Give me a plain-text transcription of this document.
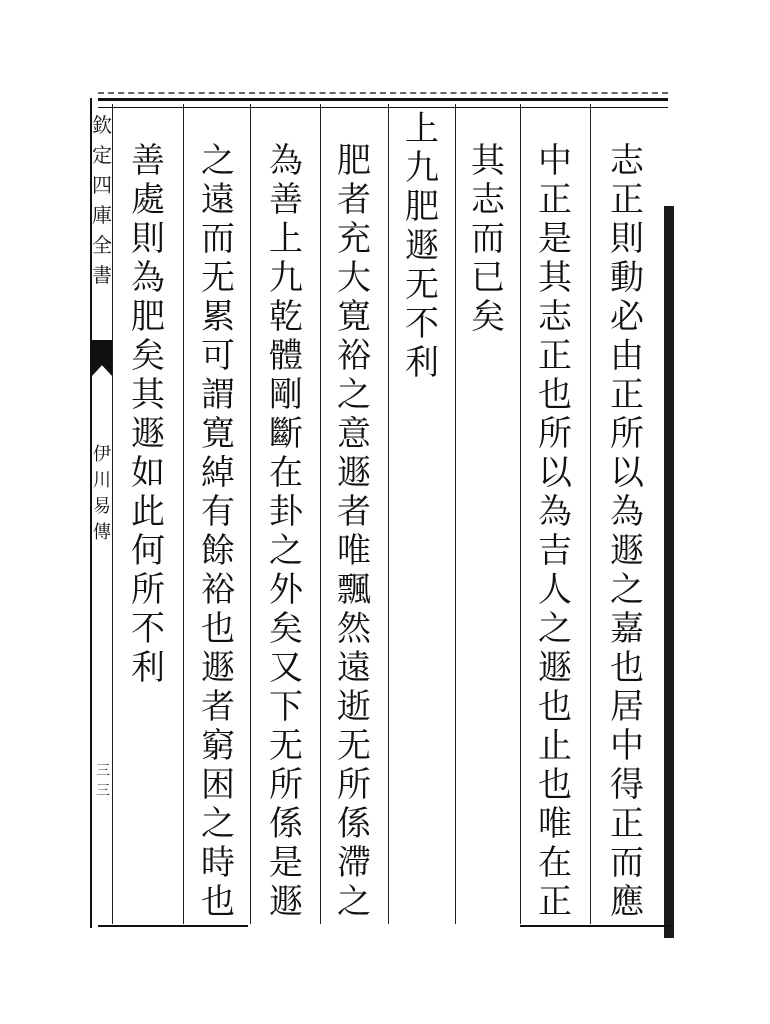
欽
定
四
庫
全
書
伊
川
易
傳
三三
志
正
則
動
必
由
正
所
以
為
遯
之
嘉
也
居
中
得
正
而
應
中
正
是
其
志
正
也
所
以
為
吉
人
之
遯
也
止
也
唯
在
正
其
志
而
已
矣
上
九
肥
遯
无
不
利
肥
者
充
大
寛
裕
之
意
遯
者
唯
飄
然
遠
逝
无
所
係
滯
之
為
善
上
九
乾
體
剛
斷
在
卦
之
外
矣
又
下
无
所
係
是
遯
之
遠
而
无
累
可
謂
寛
綽
有
餘
裕
也
遯
者
窮
困
之
時
也
善
處
則
為
肥
矣
其
遯
如
此
何
所
不
利
